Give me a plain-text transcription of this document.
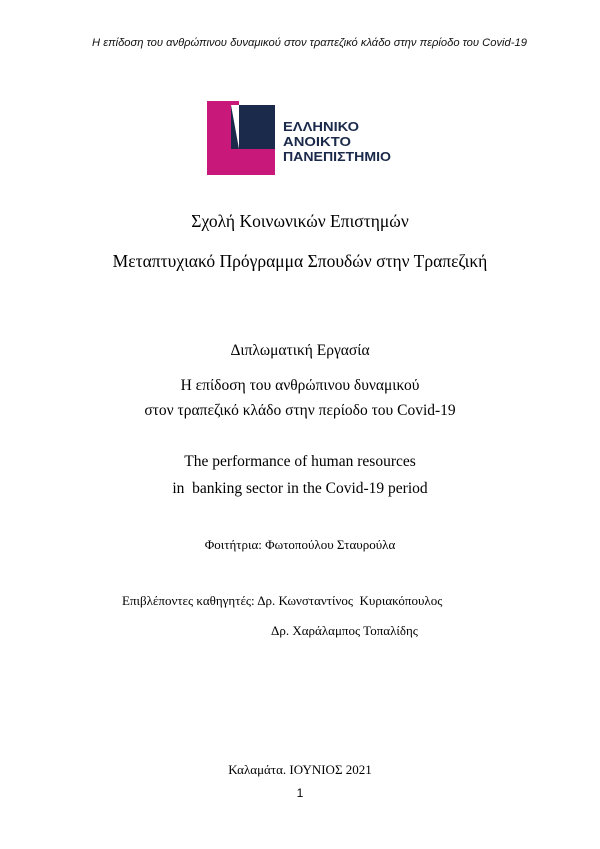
Η επίδοση του ανθρώπινου δυναμικού στον τραπεζικό κλάδο στην περίοδο του Covid-19
ΕΛΛΗΝΙΚΟ
ΑΝΟΙΚΤΟ
ΠΑΝΕΠΙΣΤΗΜΙΟ
Σχολή Κοινωνικών Επιστημών
Μεταπτυχιακό Πρόγραμμα Σπουδών στην Τραπεζική
Διπλωματική Εργασία
Η επίδοση του ανθρώπινου δυναμικού
στον τραπεζικό κλάδο στην περίοδο του Covid-19
The performance of human resources
in  banking sector in the Covid-19 period
Φοιτήτρια: Φωτοπούλου Σταυρούλα
Επιβλέποντες καθηγητές: Δρ. Κωνσταντίνος  Κυριακόπουλος
Δρ. Χαράλαμπος Τοπαλίδης
Καλαμάτα. ΙΟΥΝΙΟΣ 2021
1
